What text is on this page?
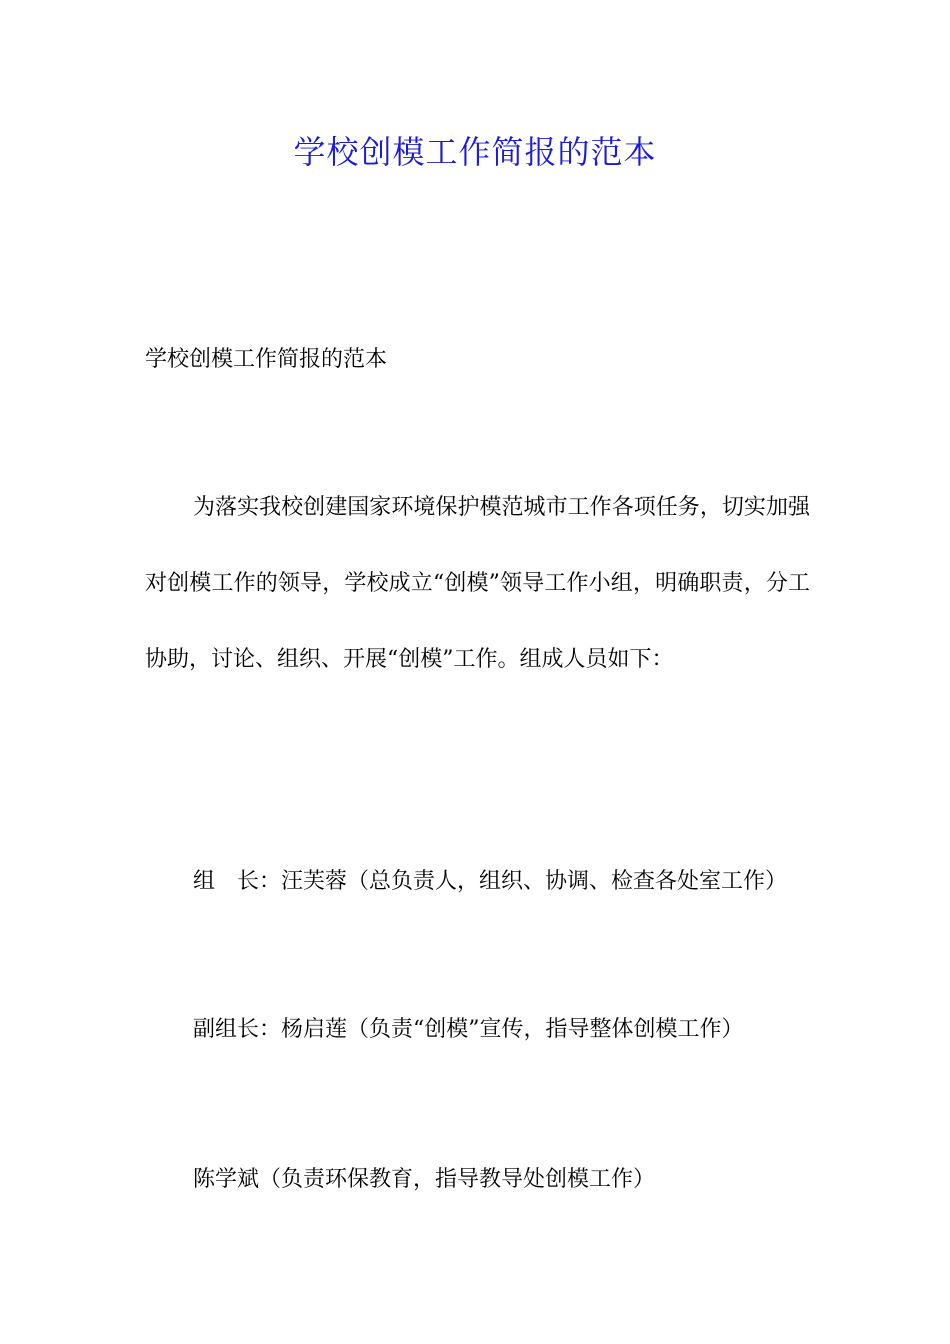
学校创模工作简报的范本
学校创模工作简报的范本

为落实我校创建国家环境保护模范城市工作各项任务，切实加强对创模工作的领导，学校成立“创模”领导工作小组，明确职责，分工协助，讨论、组织、开展“创模”工作。组成人员如下：

组　长：汪芙蓉（总负责人，组织、协调、检查各处室工作）

副组长：杨启莲（负责“创模”宣传，指导整体创模工作）

陈学斌（负责环保教育，指导教导处创模工作）
